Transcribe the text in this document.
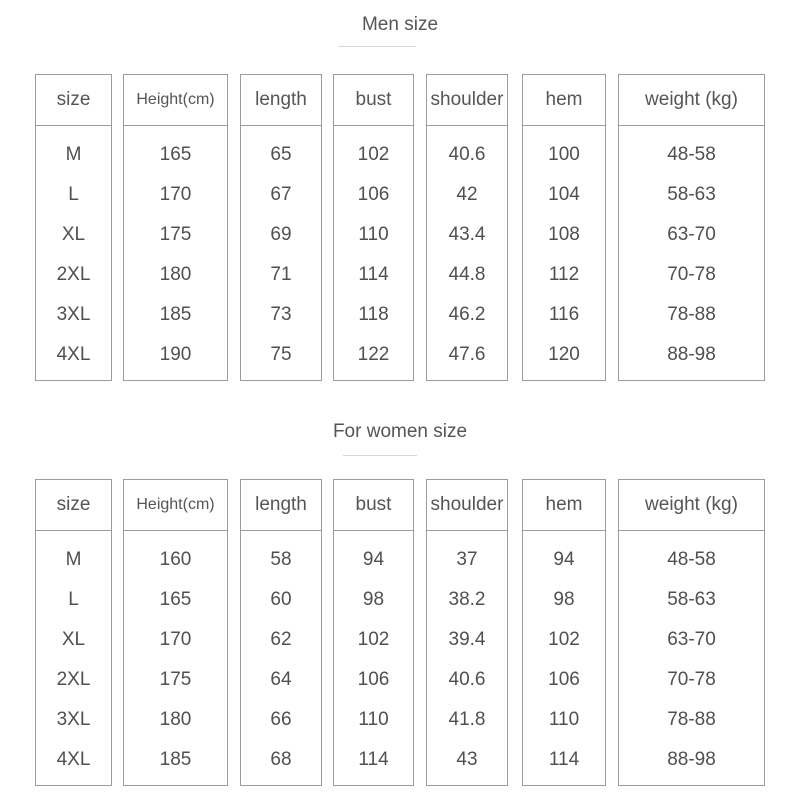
Men size
size
M
L
XL
2XL
3XL
4XL
Height(cm)
165
170
175
180
185
190
length
65
67
69
71
73
75
bust
102
106
110
114
118
122
shoulder
40.6
42
43.4
44.8
46.2
47.6
hem
100
104
108
112
116
120
weight (kg)
48-58
58-63
63-70
70-78
78-88
88-98
For women size
size
M
L
XL
2XL
3XL
4XL
Height(cm)
160
165
170
175
180
185
length
58
60
62
64
66
68
bust
94
98
102
106
110
114
shoulder
37
38.2
39.4
40.6
41.8
43
hem
94
98
102
106
110
114
weight (kg)
48-58
58-63
63-70
70-78
78-88
88-98
